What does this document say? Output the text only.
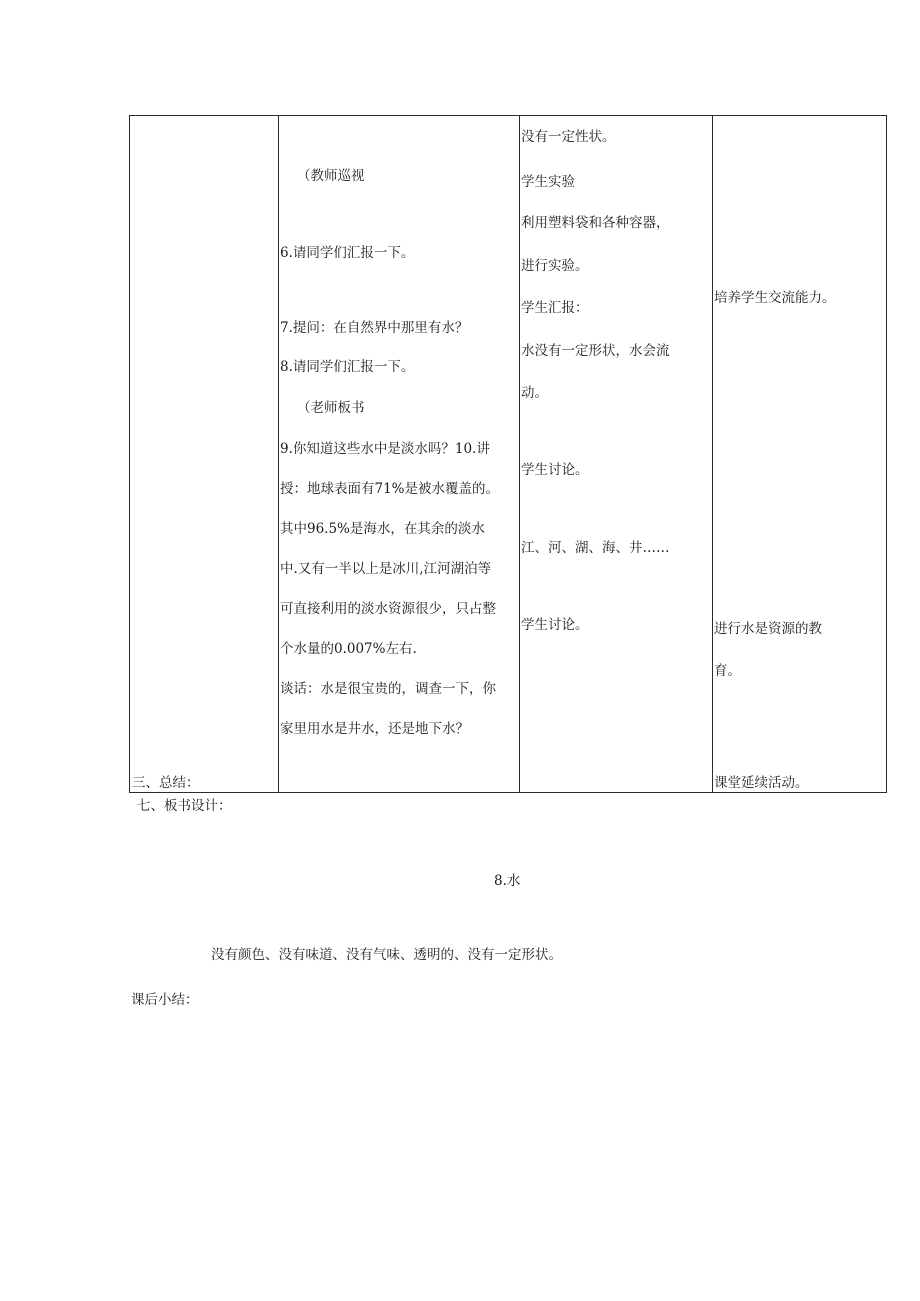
三、总结：

（教师巡视
6.请同学们汇报一下。
7.提问：在自然界中那里有水？
8.请同学们汇报一下。
（老师板书
9.你知道这些水中是淡水吗？10.讲
授：地球表面有71%是被水覆盖的。
其中96.5%是海水，在其余的淡水
中.又有一半以上是冰川,江河湖泊等
可直接利用的淡水资源很少，只占整
个水量的0.007%左右.
谈话：水是很宝贵的，调查一下，你
家里用水是井水，还是地下水？

没有一定性状。
学生实验
利用塑料袋和各种容器，
进行实验。
学生汇报：
水没有一定形状，水会流
动。
学生讨论。
江、河、湖、海、井……
学生讨论。

培养学生交流能力。
进行水是资源的教
育。
课堂延续活动。
七、板书设计：
8.水
没有颜色、没有味道、没有气味、透明的、没有一定形状。
课后小结：
